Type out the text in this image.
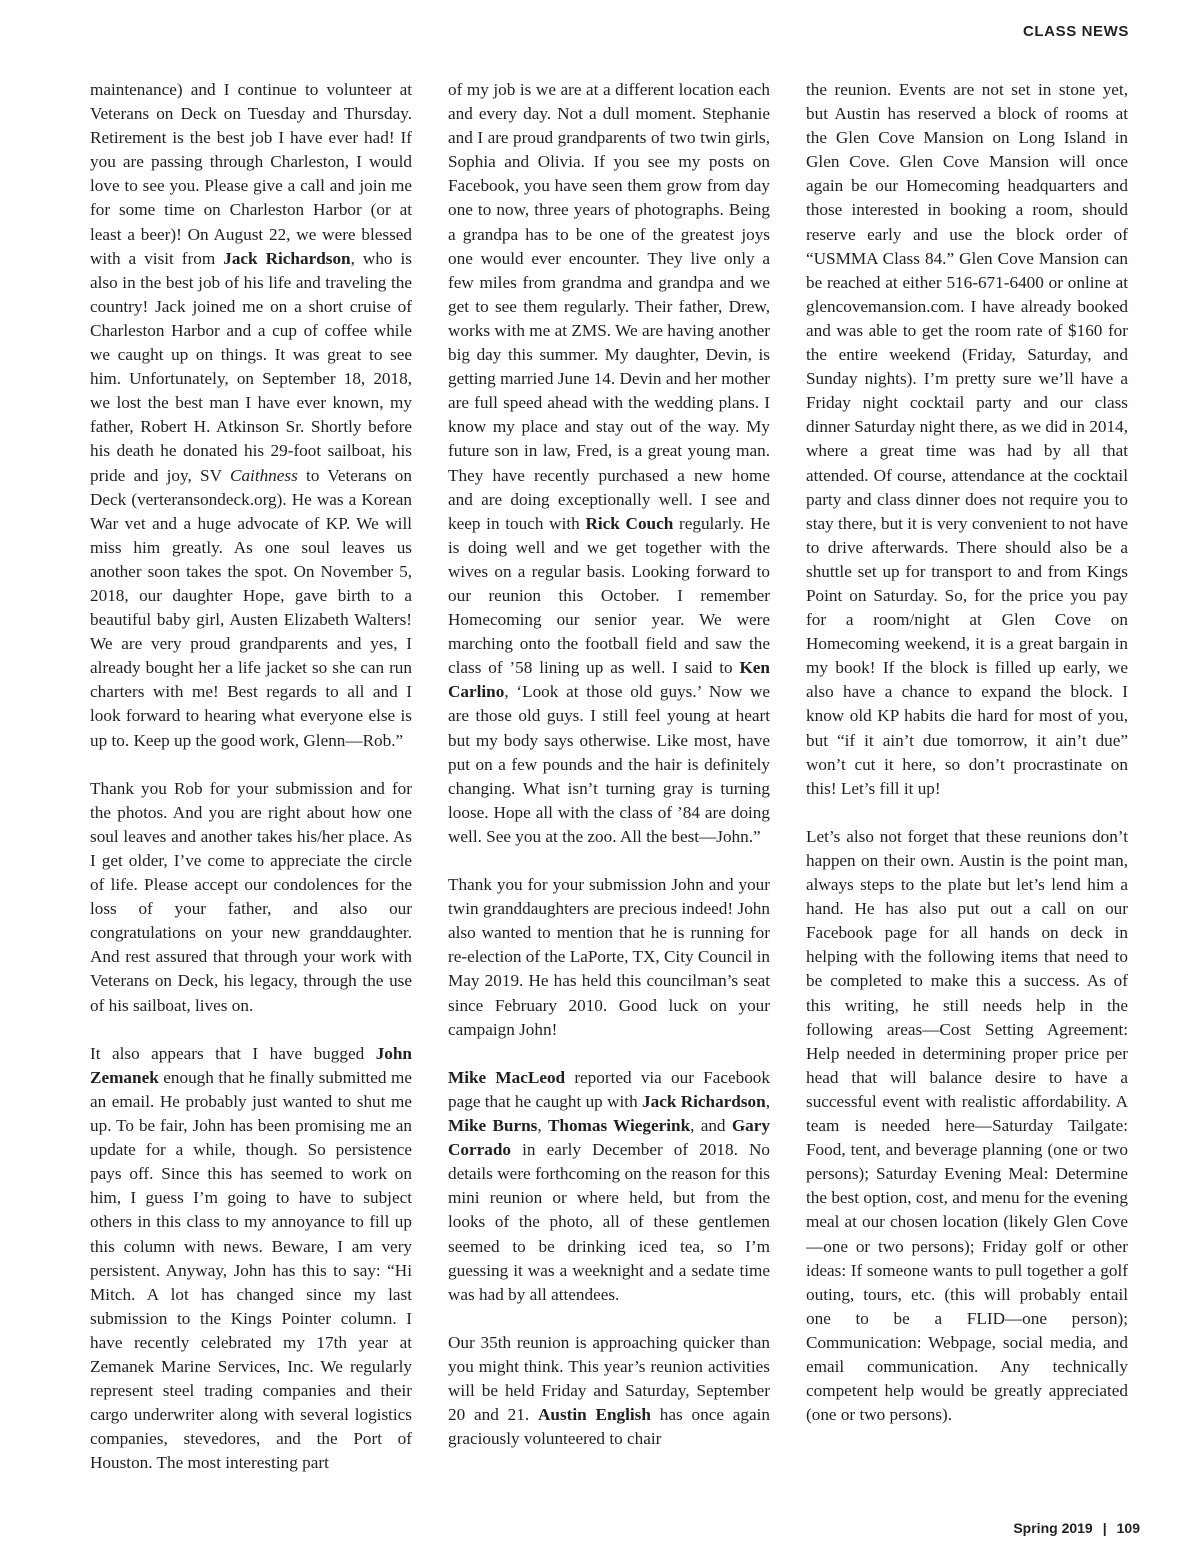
CLASS NEWS

maintenance) and I continue to volunteer at Veterans on Deck on Tuesday and Thursday. Retirement is the best job I have ever had! If you are passing through Charleston, I would love to see you. Please give a call and join me for some time on Charleston Harbor (or at least a beer)! On August 22, we were blessed with a visit from Jack Richardson, who is also in the best job of his life and traveling the country! Jack joined me on a short cruise of Charleston Harbor and a cup of coffee while we caught up on things. It was great to see him. Unfortunately, on September 18, 2018, we lost the best man I have ever known, my father, Robert H. Atkinson Sr. Shortly before his death he donated his 29-foot sailboat, his pride and joy, SV Caithness to Veterans on Deck (verteransondeck.org). He was a Korean War vet and a huge advocate of KP. We will miss him greatly. As one soul leaves us another soon takes the spot. On November 5, 2018, our daughter Hope, gave birth to a beautiful baby girl, Austen Elizabeth Walters! We are very proud grandparents and yes, I already bought her a life jacket so she can run charters with me! Best regards to all and I look forward to hearing what everyone else is up to. Keep up the good work, Glenn—Rob.”

Thank you Rob for your submission and for the photos. And you are right about how one soul leaves and another takes his/her place. As I get older, I’ve come to appreciate the circle of life. Please accept our condolences for the loss of your father, and also our congratulations on your new granddaughter. And rest assured that through your work with Veterans on Deck, his legacy, through the use of his sailboat, lives on.

It also appears that I have bugged John Zemanek enough that he finally submitted me an email. He probably just wanted to shut me up. To be fair, John has been promising me an update for a while, though. So persistence pays off. Since this has seemed to work on him, I guess I’m going to have to subject others in this class to my annoyance to fill up this column with news. Beware, I am very persistent. Anyway, John has this to say: “Hi Mitch. A lot has changed since my last submission to the Kings Pointer column. I have recently celebrated my 17th year at Zemanek Marine Services, Inc. We regularly represent steel trading companies and their cargo underwriter along with several logistics companies, stevedores, and the Port of Houston. The most interesting part

of my job is we are at a different location each and every day. Not a dull moment. Stephanie and I are proud grandparents of two twin girls, Sophia and Olivia. If you see my posts on Facebook, you have seen them grow from day one to now, three years of photographs. Being a grandpa has to be one of the greatest joys one would ever encounter. They live only a few miles from grandma and grandpa and we get to see them regularly. Their father, Drew, works with me at ZMS. We are having another big day this summer. My daughter, Devin, is getting married June 14. Devin and her mother are full speed ahead with the wedding plans. I know my place and stay out of the way. My future son in law, Fred, is a great young man. They have recently purchased a new home and are doing exceptionally well. I see and keep in touch with Rick Couch regularly. He is doing well and we get together with the wives on a regular basis. Looking forward to our reunion this October. I remember Homecoming our senior year. We were marching onto the football field and saw the class of ’58 lining up as well. I said to Ken Carlino, ‘Look at those old guys.’ Now we are those old guys. I still feel young at heart but my body says otherwise. Like most, have put on a few pounds and the hair is definitely changing. What isn’t turning gray is turning loose. Hope all with the class of ’84 are doing well. See you at the zoo. All the best—John.”

Thank you for your submission John and your twin granddaughters are precious indeed! John also wanted to mention that he is running for re-election of the LaPorte, TX, City Council in May 2019. He has held this councilman’s seat since February 2010. Good luck on your campaign John!

Mike MacLeod reported via our Facebook page that he caught up with Jack Richardson, Mike Burns, Thomas Wiegerink, and Gary Corrado in early December of 2018. No details were forthcoming on the reason for this mini reunion or where held, but from the looks of the photo, all of these gentlemen seemed to be drinking iced tea, so I’m guessing it was a weeknight and a sedate time was had by all attendees.

Our 35th reunion is approaching quicker than you might think. This year’s reunion activities will be held Friday and Saturday, September 20 and 21. Austin English has once again graciously volunteered to chair

the reunion. Events are not set in stone yet, but Austin has reserved a block of rooms at the Glen Cove Mansion on Long Island in Glen Cove. Glen Cove Mansion will once again be our Homecoming headquarters and those interested in booking a room, should reserve early and use the block order of “USMMA Class 84.” Glen Cove Mansion can be reached at either 516-671-6400 or online at glencovemansion.com. I have already booked and was able to get the room rate of $160 for the entire weekend (Friday, Saturday, and Sunday nights). I’m pretty sure we’ll have a Friday night cocktail party and our class dinner Saturday night there, as we did in 2014, where a great time was had by all that attended. Of course, attendance at the cocktail party and class dinner does not require you to stay there, but it is very convenient to not have to drive afterwards. There should also be a shuttle set up for transport to and from Kings Point on Saturday. So, for the price you pay for a room/night at Glen Cove on Homecoming weekend, it is a great bargain in my book! If the block is filled up early, we also have a chance to expand the block. I know old KP habits die hard for most of you, but “if it ain’t due tomorrow, it ain’t due” won’t cut it here, so don’t procrastinate on this! Let’s fill it up!

Let’s also not forget that these reunions don’t happen on their own. Austin is the point man, always steps to the plate but let’s lend him a hand. He has also put out a call on our Facebook page for all hands on deck in helping with the following items that need to be completed to make this a success. As of this writing, he still needs help in the following areas—Cost Setting Agreement: Help needed in determining proper price per head that will balance desire to have a successful event with realistic affordability. A team is needed here—Saturday Tailgate: Food, tent, and beverage planning (one or two persons); Saturday Evening Meal: Determine the best option, cost, and menu for the evening meal at our chosen location (likely Glen Cove—one or two persons); Friday golf or other ideas: If someone wants to pull together a golf outing, tours, etc. (this will probably entail one to be a FLID—one person); Communication: Webpage, social media, and email communication. Any technically competent help would be greatly appreciated (one or two persons).

Spring 2019 | 109
